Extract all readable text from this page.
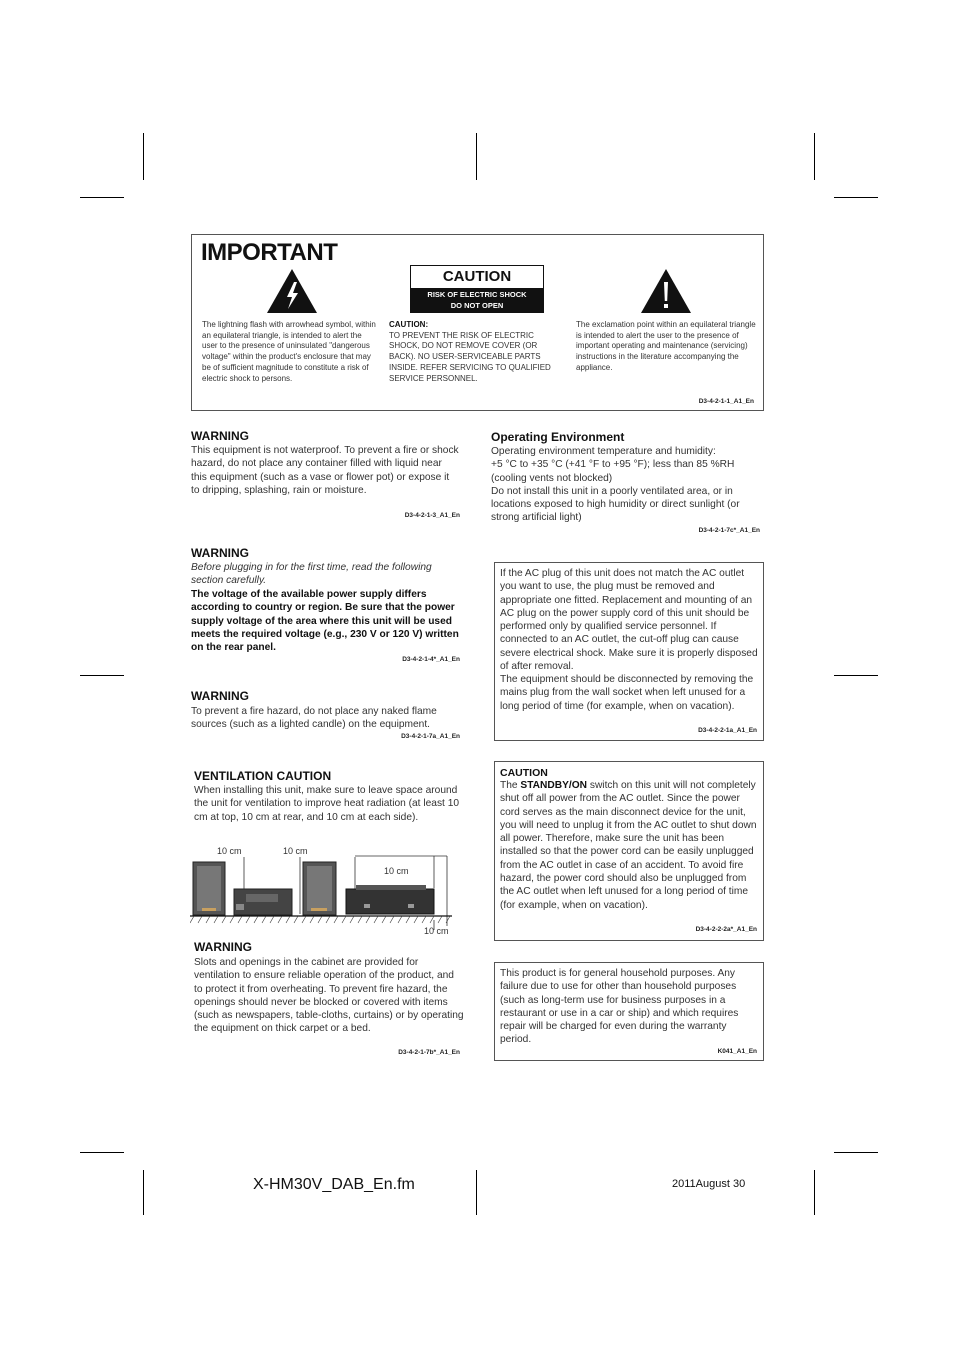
IMPORTANT
CAUTION
RISK OF ELECTRIC SHOCK
DO NOT OPEN
The lightning flash with arrowhead symbol, within an equilateral triangle, is intended to alert the user to the presence of uninsulated "dangerous voltage" within the product's enclosure that may be of sufficient magnitude to constitute a risk of electric shock to persons.
CAUTION:
TO PREVENT THE RISK OF ELECTRIC SHOCK, DO NOT REMOVE COVER (OR BACK). NO USER-SERVICEABLE PARTS INSIDE. REFER SERVICING TO QUALIFIED SERVICE PERSONNEL.
The exclamation point within an equilateral triangle is intended to alert the user to the presence of important operating and maintenance (servicing) instructions in the literature accompanying the appliance.
D3-4-2-1-1_A1_En
WARNING
This equipment is not waterproof. To prevent a fire or shock hazard, do not place any container filled with liquid near this equipment (such as a vase or flower pot) or expose it to dripping, splashing, rain or moisture.
D3-4-2-1-3_A1_En
WARNING
Before plugging in for the first time, read the following section carefully.
The voltage of the available power supply differs according to country or region. Be sure that the power supply voltage of the area where this unit will be used meets the required voltage (e.g., 230 V or 120 V) written on the rear panel.
D3-4-2-1-4*_A1_En
WARNING
To prevent a fire hazard, do not place any naked flame sources (such as a lighted candle) on the equipment.
D3-4-2-1-7a_A1_En
VENTILATION CAUTION
When installing this unit, make sure to leave space around the unit for ventilation to improve heat radiation (at least 10 cm at top, 10 cm at rear, and 10 cm at each side).
10 cm	10 cm
10 cm
10 cm
WARNING
Slots and openings in the cabinet are provided for ventilation to ensure reliable operation of the product, and to protect it from overheating. To prevent fire hazard, the openings should never be blocked or covered with items (such as newspapers, table-cloths, curtains) or by operating the equipment on thick carpet or a bed.
D3-4-2-1-7b*_A1_En
Operating Environment
Operating environment temperature and humidity:
+5 °C to +35 °C (+41 °F to +95 °F); less than 85 %RH (cooling vents not blocked)
Do not install this unit in a poorly ventilated area, or in locations exposed to high humidity or direct sunlight (or strong artificial light)
D3-4-2-1-7c*_A1_En
If the AC plug of this unit does not match the AC outlet you want to use, the plug must be removed and appropriate one fitted. Replacement and mounting of an AC plug on the power supply cord of this unit should be performed only by qualified service personnel. If connected to an AC outlet, the cut-off plug can cause severe electrical shock. Make sure it is properly disposed of after removal.
The equipment should be disconnected by removing the mains plug from the wall socket when left unused for a long period of time (for example, when on vacation).
D3-4-2-2-1a_A1_En
CAUTION
The STANDBY/ON switch on this unit will not completely shut off all power from the AC outlet. Since the power cord serves as the main disconnect device for the unit, you will need to unplug it from the AC outlet to shut down all power. Therefore, make sure the unit has been installed so that the power cord can be easily unplugged from the AC outlet in case of an accident. To avoid fire hazard, the power cord should also be unplugged from the AC outlet when left unused for a long period of time (for example, when on vacation).
D3-4-2-2-2a*_A1_En
This product is for general household purposes. Any failure due to use for other than household purposes (such as long-term use for business purposes in a restaurant or use in a car or ship) and which requires repair will be charged for even during the warranty period.
K041_A1_En
X-HM30V_DAB_En.fm	2011August 30
